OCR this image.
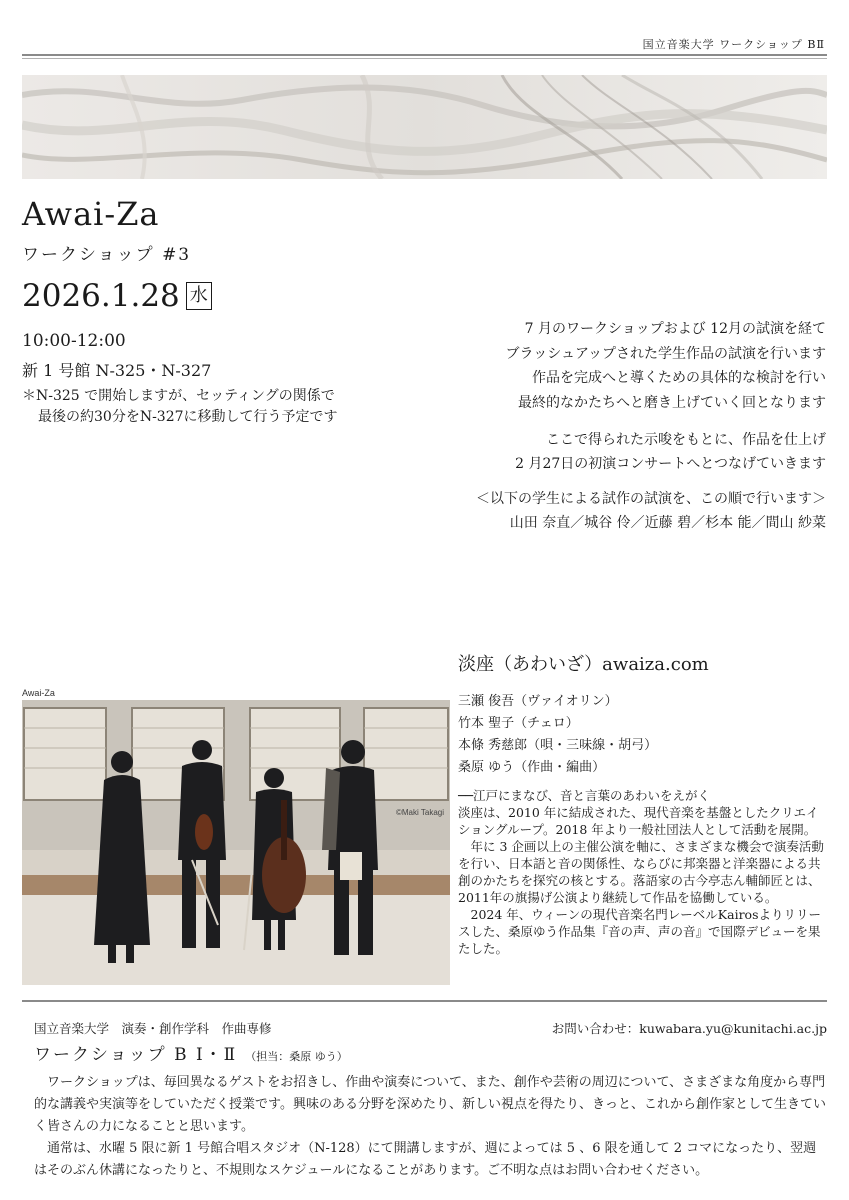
国立音楽大学 ワークショップ BⅡ
Awai-Za
ワークショップ #3
2026.1.28 水
10:00-12:00
新 1 号館 N-325・N-327
＊N-325 で開始しますが、セッティングの関係で
最後の約30分をN-327に移動して行う予定です
7 月のワークショップおよび 12月の試演を経て
ブラッシュアップされた学生作品の試演を行います
作品を完成へと導くための具体的な検討を行い
最終的なかたちへと磨き上げていく回となります
ここで得られた示唆をもとに、作品を仕上げ
2 月27日の初演コンサートへとつなげていきます
＜以下の学生による試作の試演を、この順で行います＞
山田 奈直／城谷 伶／近藤 碧／杉本 能／間山 紗菜
Awai-Za
©Maki Takagi
淡座（あわいざ）awaiza.com
三瀬 俊吾（ヴァイオリン）
竹本 聖子（チェロ）
本條 秀慈郎（唄・三味線・胡弓）
桑原 ゆう（作曲・編曲）

──江戸にまなび、音と言葉のあわいをえがく

淡座は、2010 年に結成された、現代音楽を基盤としたクリエイショングループ。2018 年より一般社団法人として活動を展開。

　年に 3 企画以上の主催公演を軸に、さまざまな機会で演奏活動を行い、日本語と音の関係性、ならびに邦楽器と洋楽器による共創のかたちを探究の核とする。落語家の古今亭志ん輔師匠とは、2011年の旗揚げ公演より継続して作品を協働している。

　2024 年、ウィーンの現代音楽名門レーベルKairosよりリリースした、桑原ゆう作品集『音の声、声の音』で国際デビューを果たした。

国立音楽大学　演奏・創作学科　作曲専修	お問い合わせ：kuwabara.yu@kunitachi.ac.jp
ワークショップ B Ⅰ・Ⅱ （担当：桑原 ゆう）

ワークショップは、毎回異なるゲストをお招きし、作曲や演奏について、また、創作や芸術の周辺について、さまざまな角度から専門的な講義や実演等をしていただく授業です。興味のある分野を深めたり、新しい視点を得たり、きっと、これから創作家として生きていく皆さんの力になることと思います。

通常は、水曜 5 限に新 1 号館合唱スタジオ（N-128）にて開講しますが、週によっては 5 、6 限を通して 2 コマになったり、翌週はそのぶん休講になったりと、不規則なスケジュールになることがあります。ご不明な点はお問い合わせください。
